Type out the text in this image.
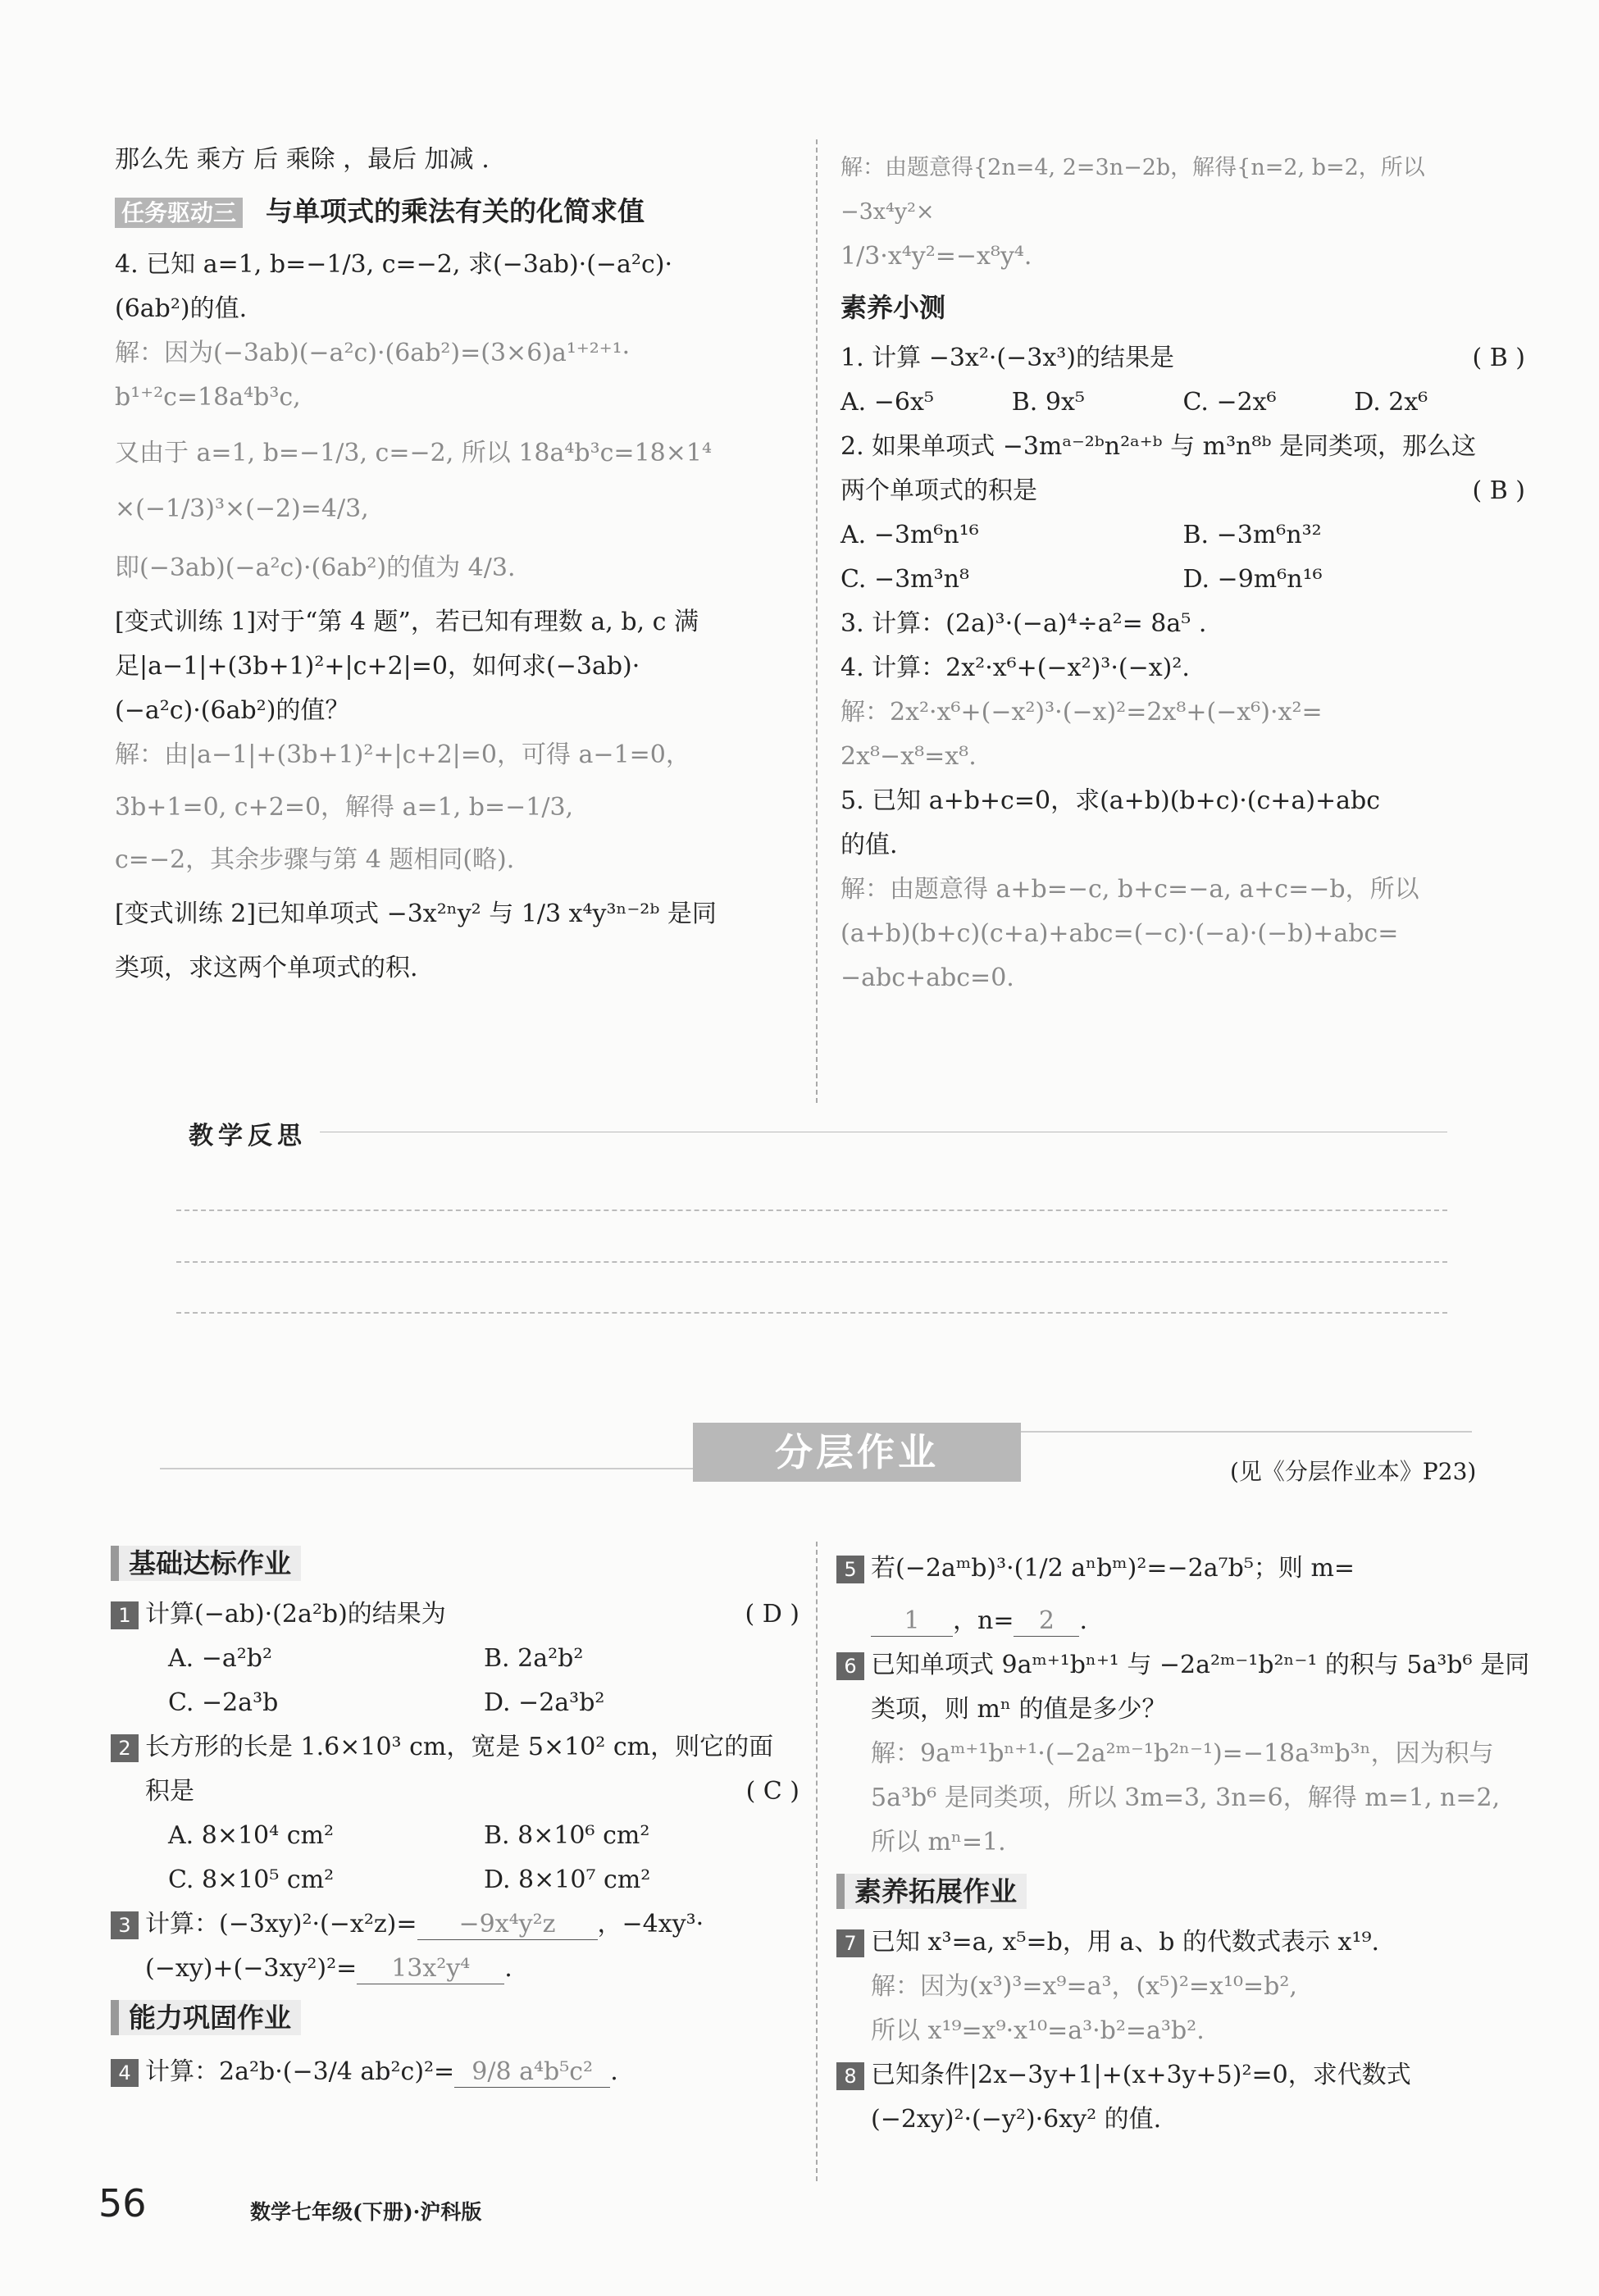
那么先 乘方 后 乘除 ，最后 加减 .

4. 已知 a=1, b=−1/3, c=−2, 求(−3ab)·(−a²c)·

(6ab²)的值.

解：因为(−3ab)(−a²c)·(6ab²)=(3×6)a¹⁺²⁺¹·

b¹⁺²c=18a⁴b³c,

又由于 a=1, b=−1/3, c=−2, 所以 18a⁴b³c=18×1⁴

×(−1/3)³×(−2)=4/3,

即(−3ab)(−a²c)·(6ab²)的值为 4/3.

[变式训练 1]对于“第 4 题”，若已知有理数 a, b, c 满

足|a−1|+(3b+1)²+|c+2|=0，如何求(−3ab)·

(−a²c)·(6ab²)的值？

解：由|a−1|+(3b+1)²+|c+2|=0，可得 a−1=0，

3b+1=0, c+2=0，解得 a=1, b=−1/3,

c=−2，其余步骤与第 4 题相同(略).

[变式训练 2]已知单项式 −3x²ⁿy² 与 1/3 x⁴y³ⁿ⁻²ᵇ 是同

类项，求这两个单项式的积.

任务驱动三 与单项式的乘法有关的化简求值

解：由题意得{2n=4, 2=3n−2b，解得{n=2, b=2，所以 −3x⁴y²×

1/3·x⁴y²=−x⁸y⁴.

素养小测

1. 计算 −3x²·(−3x³)的结果是	( B )

A. −6x⁵	B. 9x⁵	C. −2x⁶	D. 2x⁶

2. 如果单项式 −3mᵃ⁻²ᵇn²ᵃ⁺ᵇ 与 m³n⁸ᵇ 是同类项，那么这

两个单项式的积是	( B )

A. −3m⁶n¹⁶	B. −3m⁶n³²
C. −3m³n⁸	D. −9m⁶n¹⁶

3. 计算：(2a)³·(−a)⁴÷a²= 8a⁵ .

4. 计算：2x²·x⁶+(−x²)³·(−x)².

解：2x²·x⁶+(−x²)³·(−x)²=2x⁸+(−x⁶)·x²=

2x⁸−x⁸=x⁸.

5. 已知 a+b+c=0，求(a+b)(b+c)·(c+a)+abc

的值.

解：由题意得 a+b=−c, b+c=−a, a+c=−b，所以

(a+b)(b+c)(c+a)+abc=(−c)·(−a)·(−b)+abc=

−abc+abc=0.

教学反思
分层作业	(见《分层作业本》P23)

基础达标作业

1 计算(−ab)·(2a²b)的结果为	( D )

A. −a²b²	B. 2a²b²
C. −2a³b	D. −2a³b²

2 长方形的长是 1.6×10³ cm，宽是 5×10² cm，则它的面

积是	( C )

A. 8×10⁴ cm²	B. 8×10⁶ cm²
C. 8×10⁵ cm²	D. 8×10⁷ cm²

3 计算：(−3xy)²·(−x²z)= −9x⁴y²z ，−4xy³·

(−xy)+(−3xy²)²= 13x²y⁴ .

能力巩固作业

4 计算：2a²b·(−3/4 ab²c)²= 9/8 a⁴b⁵c² .

5 若(−2aᵐb)³·(1/2 aⁿbᵐ)²=−2a⁷b⁵；则 m=

1 ，n= 2 .

6 已知单项式 9aᵐ⁺¹bⁿ⁺¹ 与 −2a²ᵐ⁻¹b²ⁿ⁻¹ 的积与 5a³b⁶ 是同

类项，则 mⁿ 的值是多少？

解：9aᵐ⁺¹bⁿ⁺¹·(−2a²ᵐ⁻¹b²ⁿ⁻¹)=−18a³ᵐb³ⁿ，因为积与

5a³b⁶ 是同类项，所以 3m=3, 3n=6，解得 m=1, n=2,

所以 mⁿ=1.

素养拓展作业

7 已知 x³=a, x⁵=b，用 a、b 的代数式表示 x¹⁹.

解：因为(x³)³=x⁹=a³，(x⁵)²=x¹⁰=b²,

所以 x¹⁹=x⁹·x¹⁰=a³·b²=a³b².

8 已知条件|2x−3y+1|+(x+3y+5)²=0，求代数式

(−2xy)²·(−y²)·6xy² 的值.

56	数学七年级(下册)·沪科版
